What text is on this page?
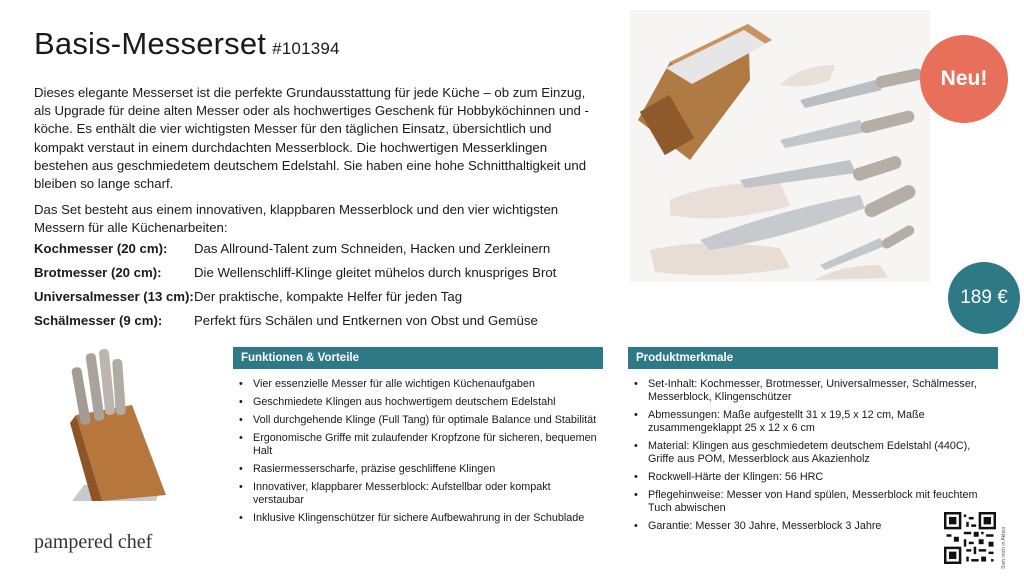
Basis-Messerset #101394

Dieses elegante Messerset ist die perfekte Grundausstattung für jede Küche – ob zum Einzug, als Upgrade für deine alten Messer oder als hochwertiges Geschenk für Hobbyköchinnen und -köche. Es enthält die vier wichtigsten Messer für den täglichen Einsatz, übersichtlich und kompakt verstaut in einem durchdachten Messerblock. Die hochwertigen Messerklingen bestehen aus geschmiedetem deutschem Edelstahl. Sie haben eine hohe Schnitthaltigkeit und bleiben so lange scharf.

Das Set besteht aus einem innovativen, klappbaren Messerblock und den vier wichtigsten Messern für alle Küchenarbeiten:

Kochmesser (20 cm):	Das Allround-Talent zum Schneiden, Hacken und Zerkleinern
Brotmesser (20 cm):	Die Wellenschliff-Klinge gleitet mühelos durch knuspriges Brot
Universalmesser (13 cm): Der praktische, kompakte Helfer für jeden Tag
Schälmesser (9 cm):	Perfekt fürs Schälen und Entkernen von Obst und Gemüse
Neu!
189 €
pampered chef
Funktionen & Vorteile
• Vier essenzielle Messer für alle wichtigen Küchenaufgaben
• Geschmiedete Klingen aus hochwertigem deutschem Edelstahl
• Voll durchgehende Klinge (Full Tang) für optimale Balance und Stabilität
• Ergonomische Griffe mit zulaufender Kropfzone für sicheren, bequemen Halt
• Rasiermesserscharfe, präzise geschliffene Klingen
• Innovativer, klappbarer Messerblock: Aufstellbar oder kompakt verstaubar
• Inklusive Klingenschützer für sichere Aufbewahrung in der Schublade
Produktmerkmale
• Set-Inhalt: Kochmesser, Brotmesser, Universalmesser, Schälmesser, Messerblock, Klingenschützer
• Abmessungen: Maße aufgestellt 31 x 19,5 x 12 cm, Maße zusammengeklappt 25 x 12 x 6 cm
• Material: Klingen aus geschmiedetem deutschem Edelstahl (440C), Griffe aus POM, Messerblock aus Akazienholz
• Rockwell-Härte der Klingen: 56 HRC
• Pflegehinweise: Messer von Hand spülen, Messerblock mit feuchtem Tuch abwischen
• Garantie: Messer 30 Jahre, Messerblock 3 Jahre
Sieh mich in Aktion
